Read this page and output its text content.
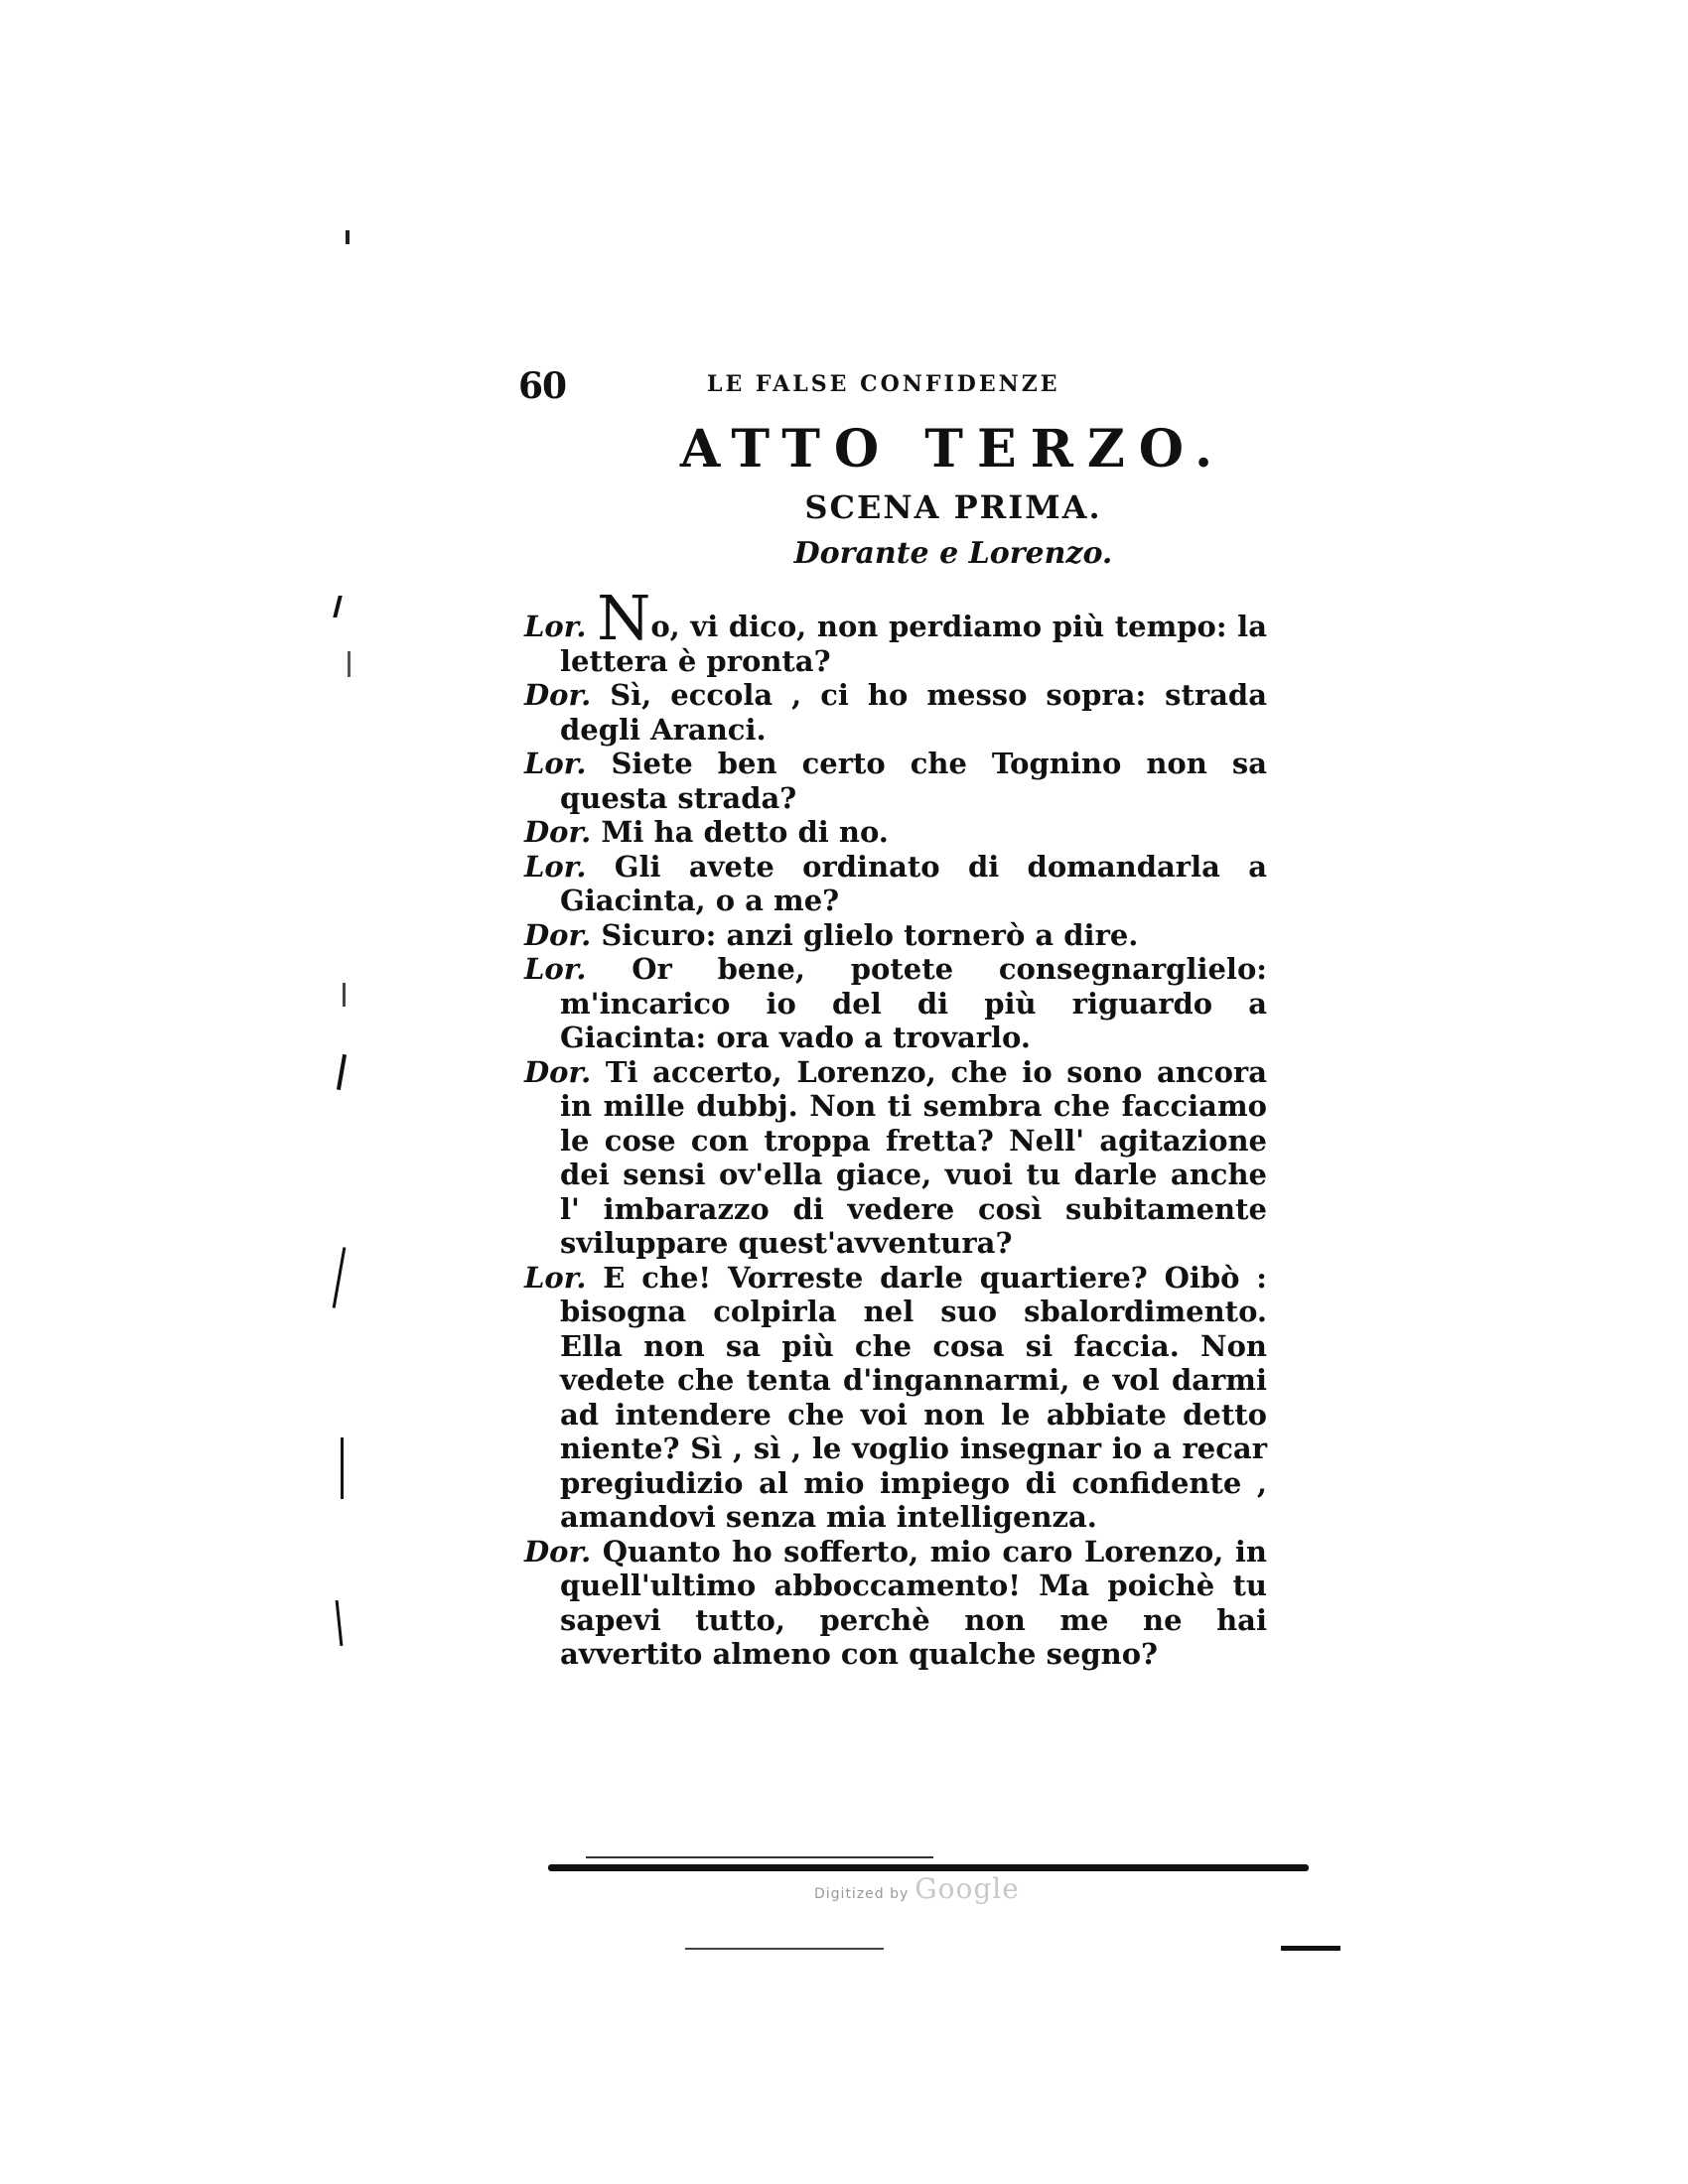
60	LE FALSE CONFIDENZE
ATTO TERZO.
SCENA PRIMA.
Dorante e Lorenzo.

Lor. No, vi dico, non perdiamo più tempo: la lettera è pronta?

Dor. Sì, eccola , ci ho messo sopra: strada degli Aranci.

Lor. Siete ben certo che Tognino non sa questa strada?

Dor. Mi ha detto di no.

Lor. Gli avete ordinato di domandarla a Giacinta, o a me?

Dor. Sicuro: anzi glielo tornerò a dire.

Lor. Or bene, potete consegnarglielo: m'incarico io del di più riguardo a Giacinta: ora vado a trovarlo.

Dor. Ti accerto, Lorenzo, che io sono ancora in mille dubbj. Non ti sembra che facciamo le cose con troppa fretta? Nell' agitazione dei sensi ov'ella giace, vuoi tu darle anche l' imbarazzo di vedere così subitamente sviluppare quest'avventura?

Lor. E che! Vorreste darle quartiere? Oibò : bisogna colpirla nel suo sbalordimento. Ella non sa più che cosa si faccia. Non vedete che tenta d'ingannarmi, e vol darmi ad intendere che voi non le abbiate detto niente? Sì , sì , le voglio insegnar io a recar pregiudizio al mio impiego di confidente , amandovi senza mia intelligenza.

Dor. Quanto ho sofferto, mio caro Lorenzo, in quell'ultimo abboccamento! Ma poichè tu sapevi tutto, perchè non me ne hai avvertito almeno con qualche segno?

Digitized by Google
